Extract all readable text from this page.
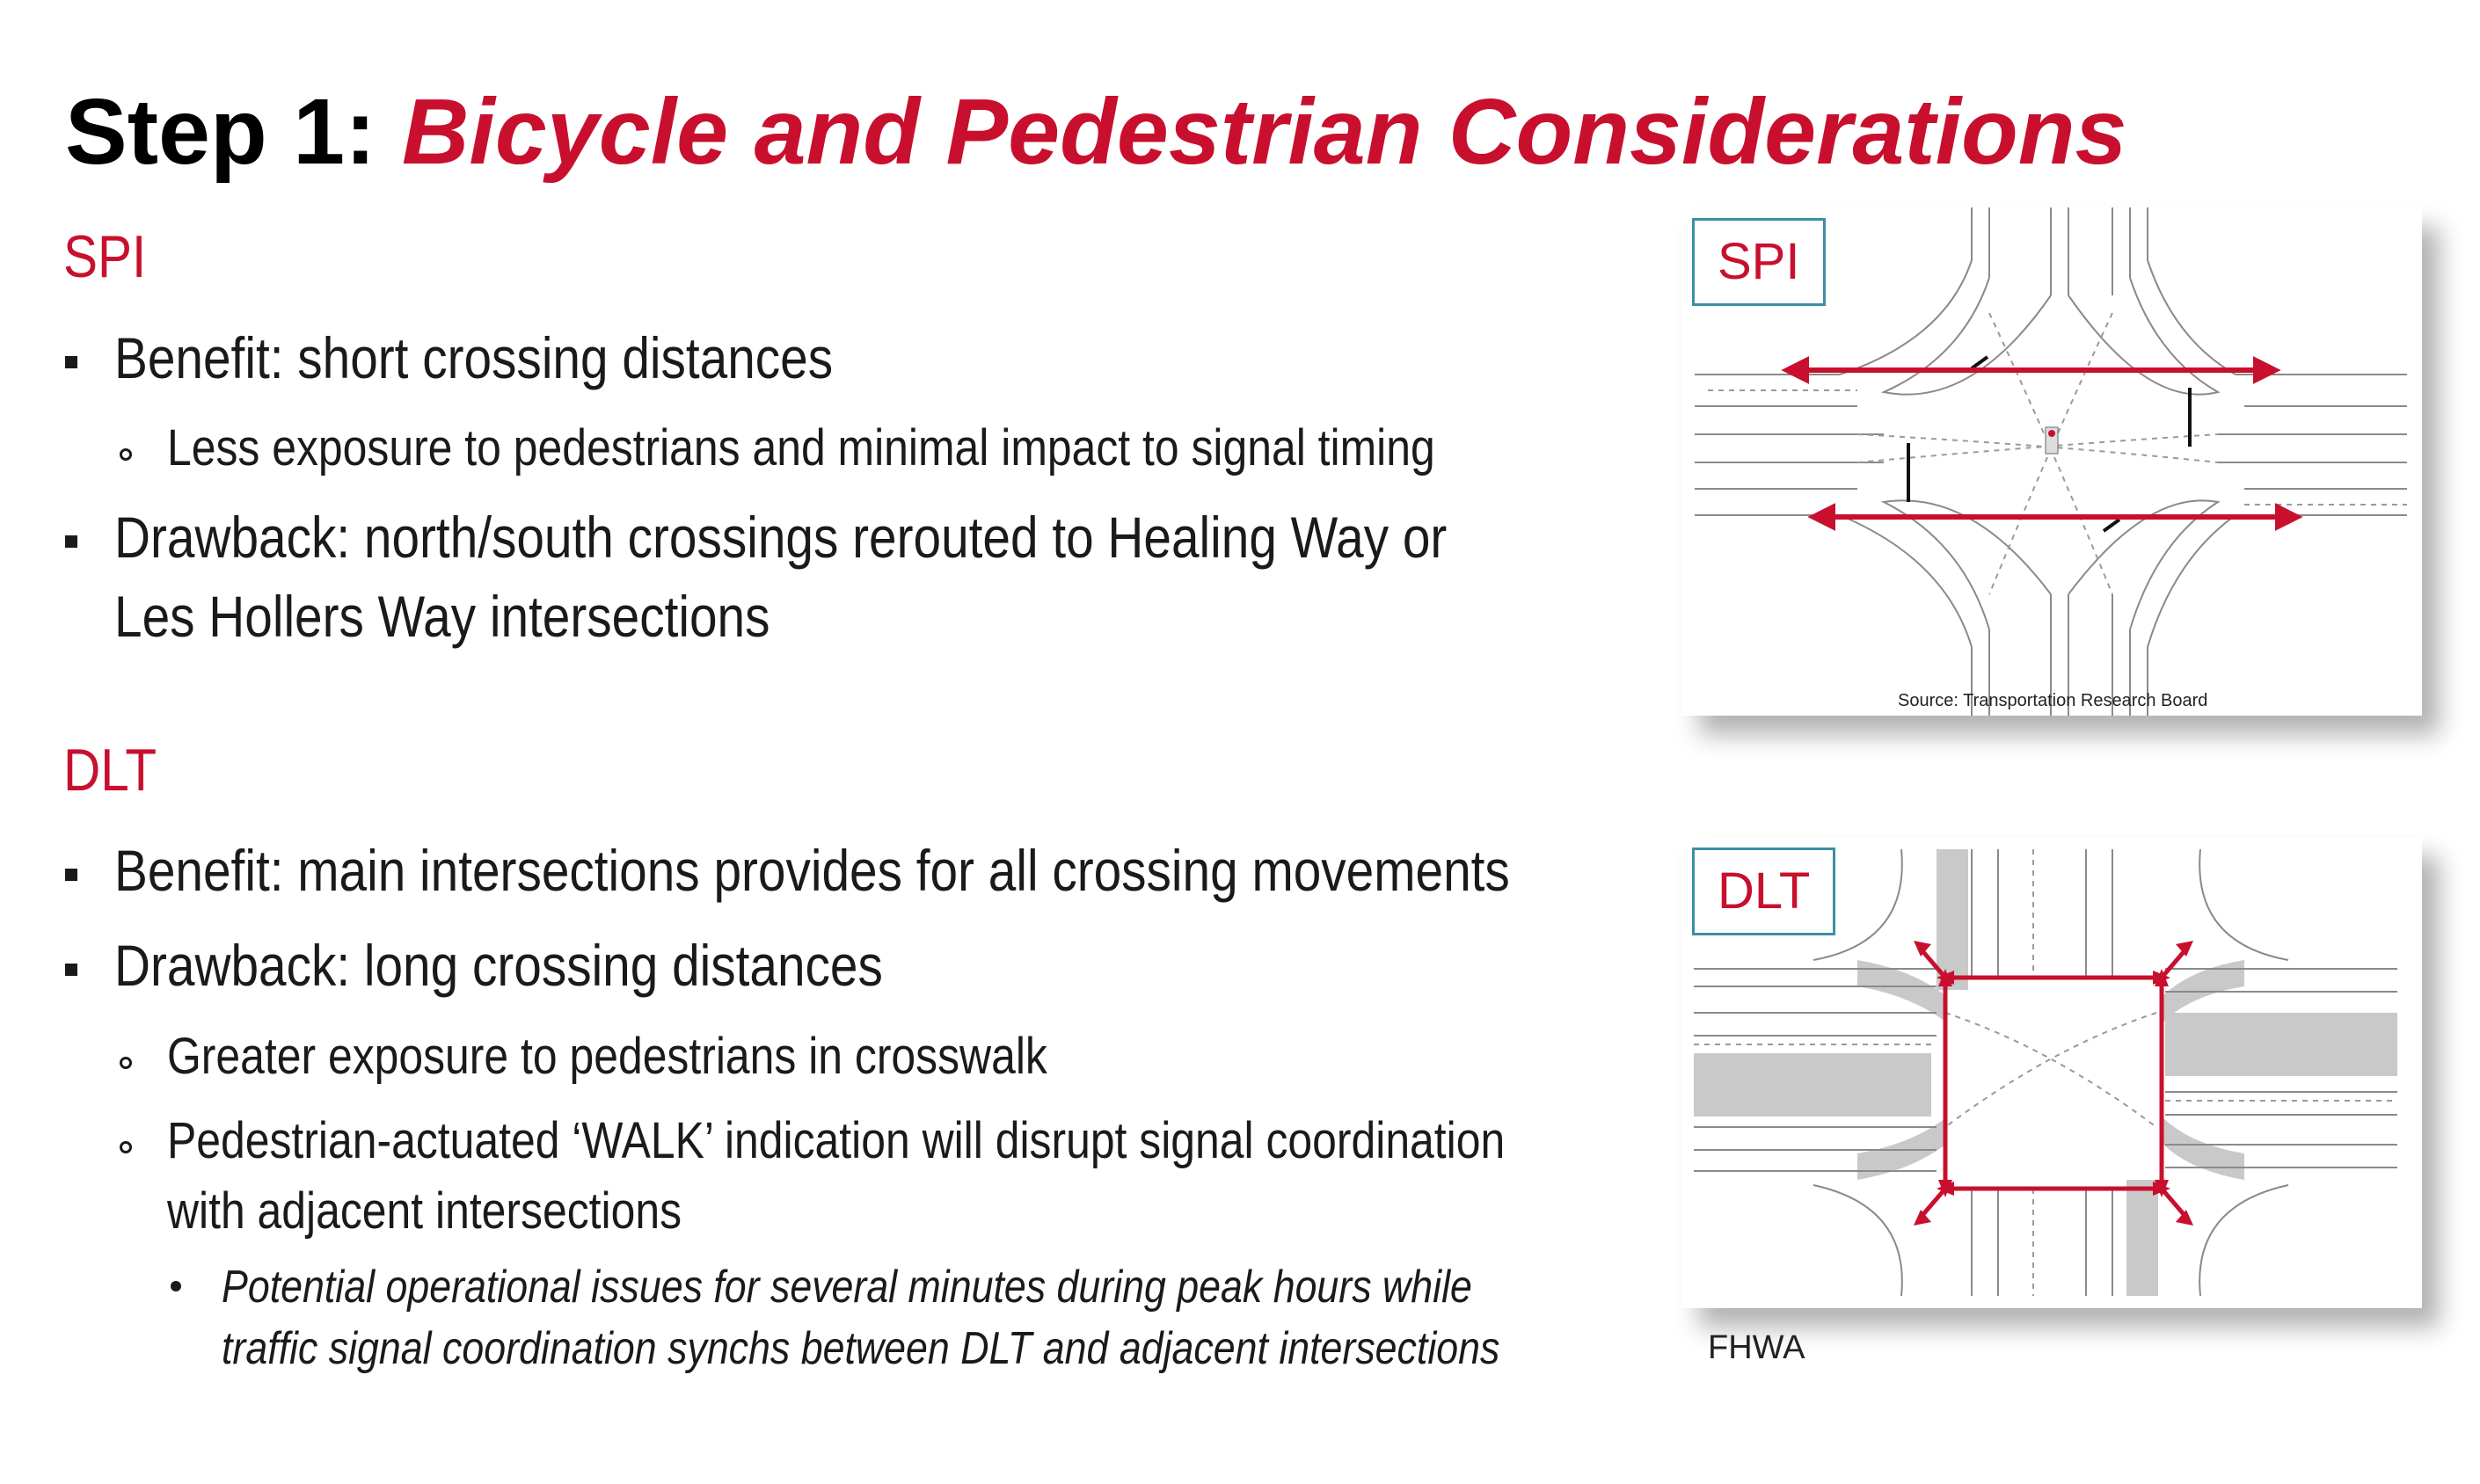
Step 1: Bicycle and Pedestrian Considerations
SPI
Benefit: short crossing distances
Less exposure to pedestrians and minimal impact to signal timing
Drawback: north/south crossings rerouted to Healing Way or
Les Hollers Way intersections
DLT
Benefit: main intersections provides for all crossing movements
Drawback: long crossing distances
Greater exposure to pedestrians in crosswalk
Pedestrian-actuated ‘WALK’ indication will disrupt signal coordination
with adjacent intersections
Potential operational issues for several minutes during peak hours while
traffic signal coordination synchs between DLT and adjacent intersections
SPI
Source: Transportation Research Board
DLT
FHWA
